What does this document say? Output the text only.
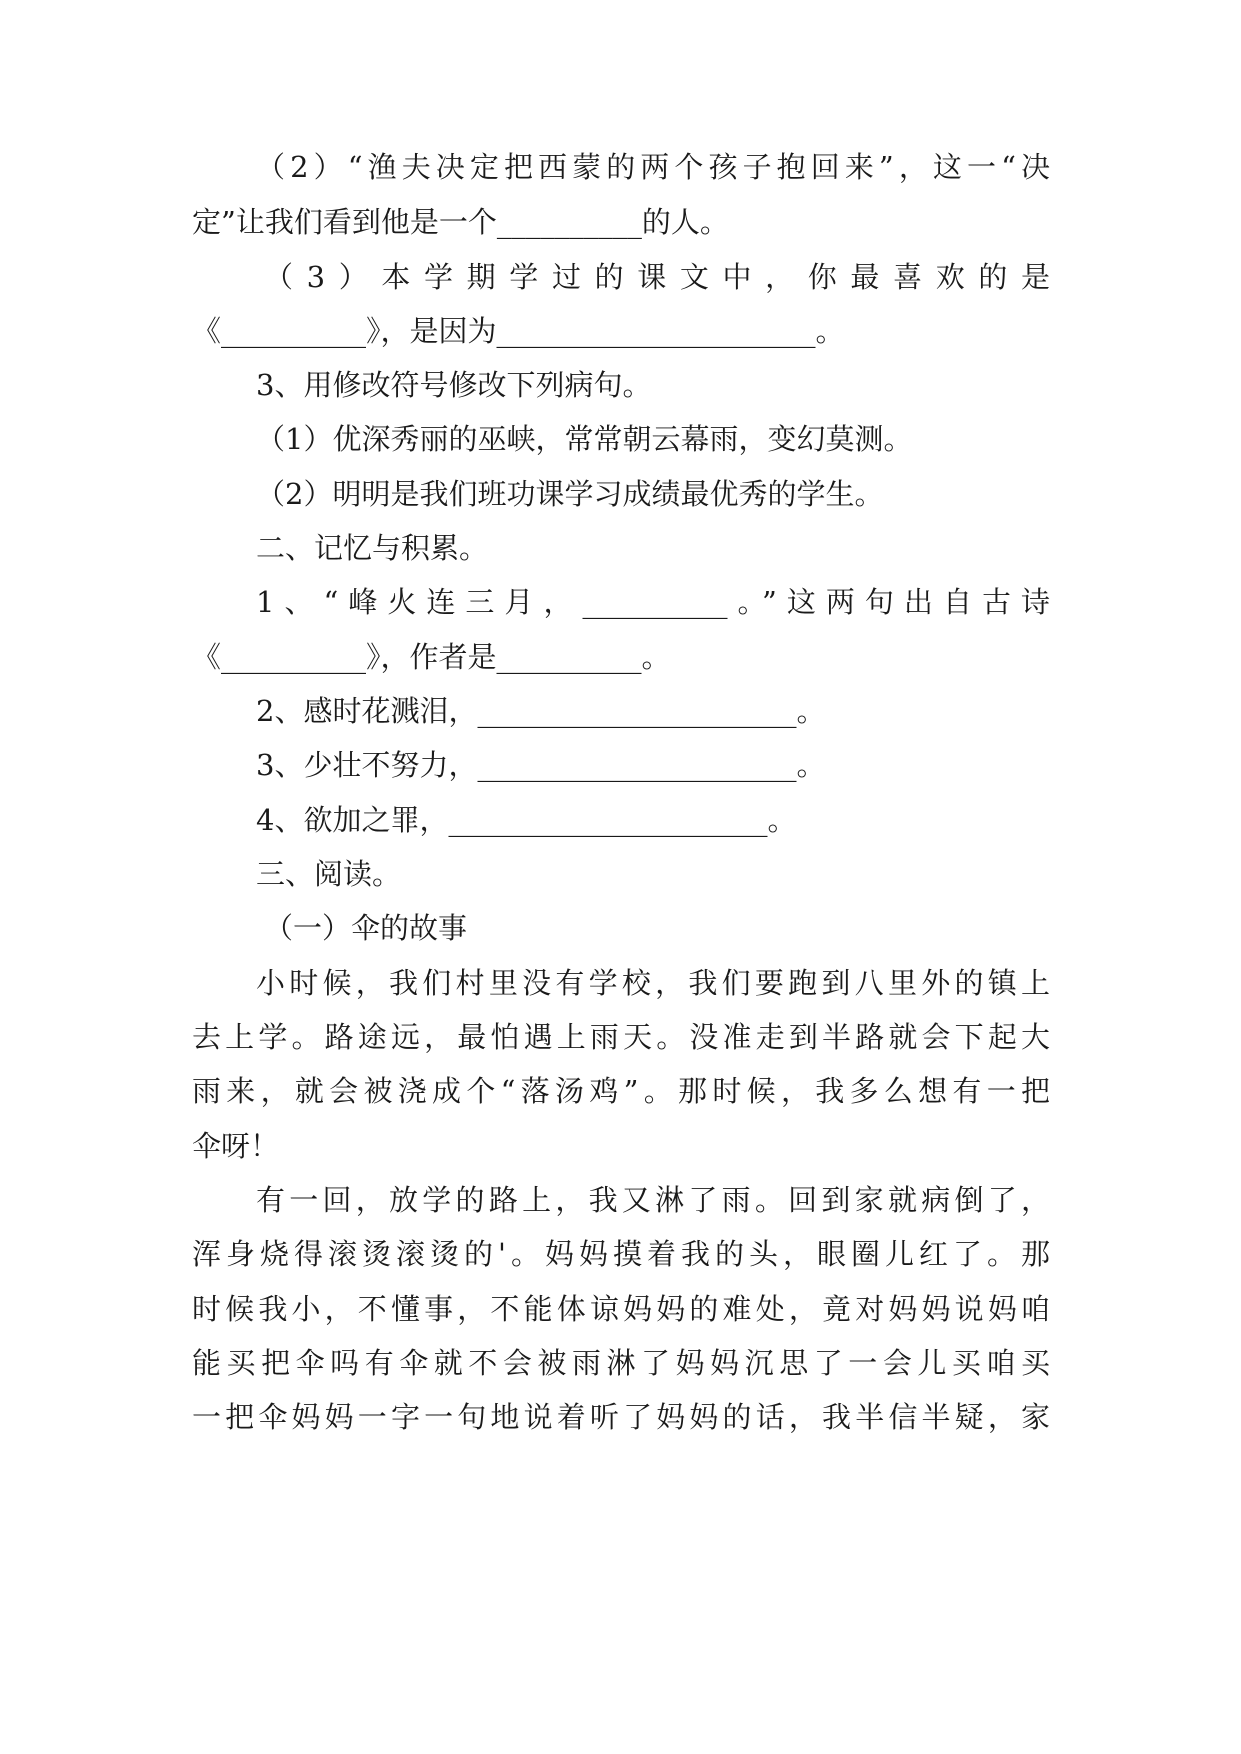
（2）“渔夫决定把西蒙的两个孩子抱回来”，这一“决
定”让我们看到他是一个__________的人。
（3）本学期学过的课文中，你最喜欢的是
《__________》，是因为______________________。
3、用修改符号修改下列病句。
（1）优深秀丽的巫峡，常常朝云幕雨，变幻莫测。
（2）明明是我们班功课学习成绩最优秀的学生。
二、记忆与积累。
1、“峰火连三月，__________。”这两句出自古诗
《__________》，作者是__________。
2、感时花溅泪，______________________。
3、少壮不努力，______________________。
4、欲加之罪，______________________。
三、阅读。
（一）伞的故事
小时候，我们村里没有学校，我们要跑到八里外的镇上
去上学。路途远，最怕遇上雨天。没准走到半路就会下起大
雨来，就会被浇成个“落汤鸡”。那时候，我多么想有一把
伞呀！
有一回，放学的路上，我又淋了雨。回到家就病倒了，
浑身烧得滚烫滚烫的'。妈妈摸着我的头，眼圈儿红了。那
时候我小，不懂事，不能体谅妈妈的难处，竟对妈妈说妈咱
能买把伞吗有伞就不会被雨淋了妈妈沉思了一会儿买咱买
一把伞妈妈一字一句地说着听了妈妈的话，我半信半疑，家
